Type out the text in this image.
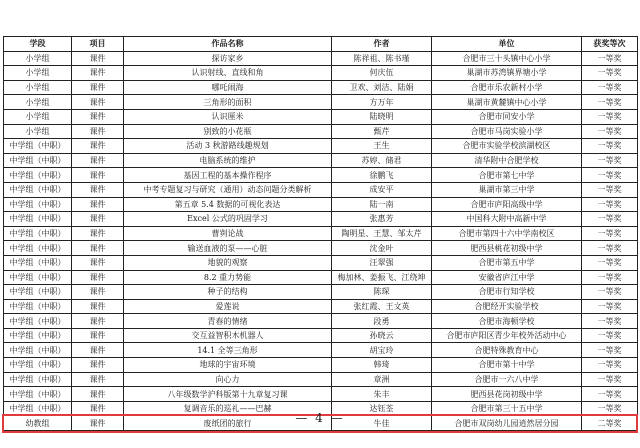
学段	项目	作品名称	作者	单位	获奖等次
小学组	课件	探访家乡	陈祥祖、陈书瑾	合肥市三十头镇中心小学	一等奖
小学组	课件	认识射线、直线和角	何庆伍	巢湖市苏湾镇界塘小学	一等奖
小学组	课件	哪吒闹海	卫欢、刘洁、陆娟	合肥市乐农新村小学	一等奖
小学组	课件	三角形的面积	方万年	巢湖市黄麓镇中心小学	一等奖
小学组	课件	认识厘米	陆晓明	合肥市同安小学	一等奖
小学组	课件	别致的小花瓶	甄芹	合肥市马岗实验小学	一等奖
中学组（中职）	课件	活动 3 秋游路线趣规划	王生	合肥市实验学校滨湖校区	一等奖
中学组（中职）	课件	电脑系统的维护	苏婷、储君	清华附中合肥学校	一等奖
中学组（中职）	课件	基因工程的基本操作程序	徐鹏飞	合肥市第七中学	一等奖
中学组（中职）	课件	中考专题复习与研究（通用）动态问题分类解析	成安平	巢湖市第三中学	一等奖
中学组（中职）	课件	第五章 5.4 数据的可视化表达	陆一南	合肥市庐阳高级中学	一等奖
中学组（中职）	课件	Excel 公式的巩固学习	张惠芳	中国科大附中高新中学	一等奖
中学组（中职）	课件	曹刿论战	陶明星、王慧、邹太芹	合肥市第四十六中学南校区	一等奖
中学组（中职）	课件	输送血液的泵——心脏	沈金叶	肥西县桃花初级中学	一等奖
中学组（中职）	课件	地貌的观察	汪翠强	合肥市第五中学	一等奖
中学组（中职）	课件	8.2 重力势能	梅加林、姜振飞、江绕坤	安徽省庐江中学	一等奖
中学组（中职）	课件	种子的结构	陈琛	合肥市行知学校	一等奖
中学组（中职）	课件	爱莲说	张红霞、王文英	合肥经开实验学校	一等奖
中学组（中职）	课件	青春的情绪	段勇	合肥市海顿学校	一等奖
中学组（中职）	课件	交互益智积木机器人	孙晓云	合肥市庐阳区青少年校外活动中心	一等奖
中学组（中职）	课件	14.1 全等三角形	胡宝玲	合肥特殊教育中心	一等奖
中学组（中职）	课件	地球的宇宙环境	韩琦	合肥市第十中学	一等奖
中学组（中职）	课件	向心力	章洲	合肥市一六八中学	一等奖
中学组（中职）	课件	八年级数学沪科版第十九章复习课	朱丰	肥西县花岗初级中学	一等奖
中学组（中职）	课件	复调音乐的巡礼——巴赫	达钰荃	合肥市第三十五中学	一等奖
幼教组	课件	废纸团的旅行	牛佳	合肥市双岗幼儿园逍然居分园	二等奖
— 4 —
